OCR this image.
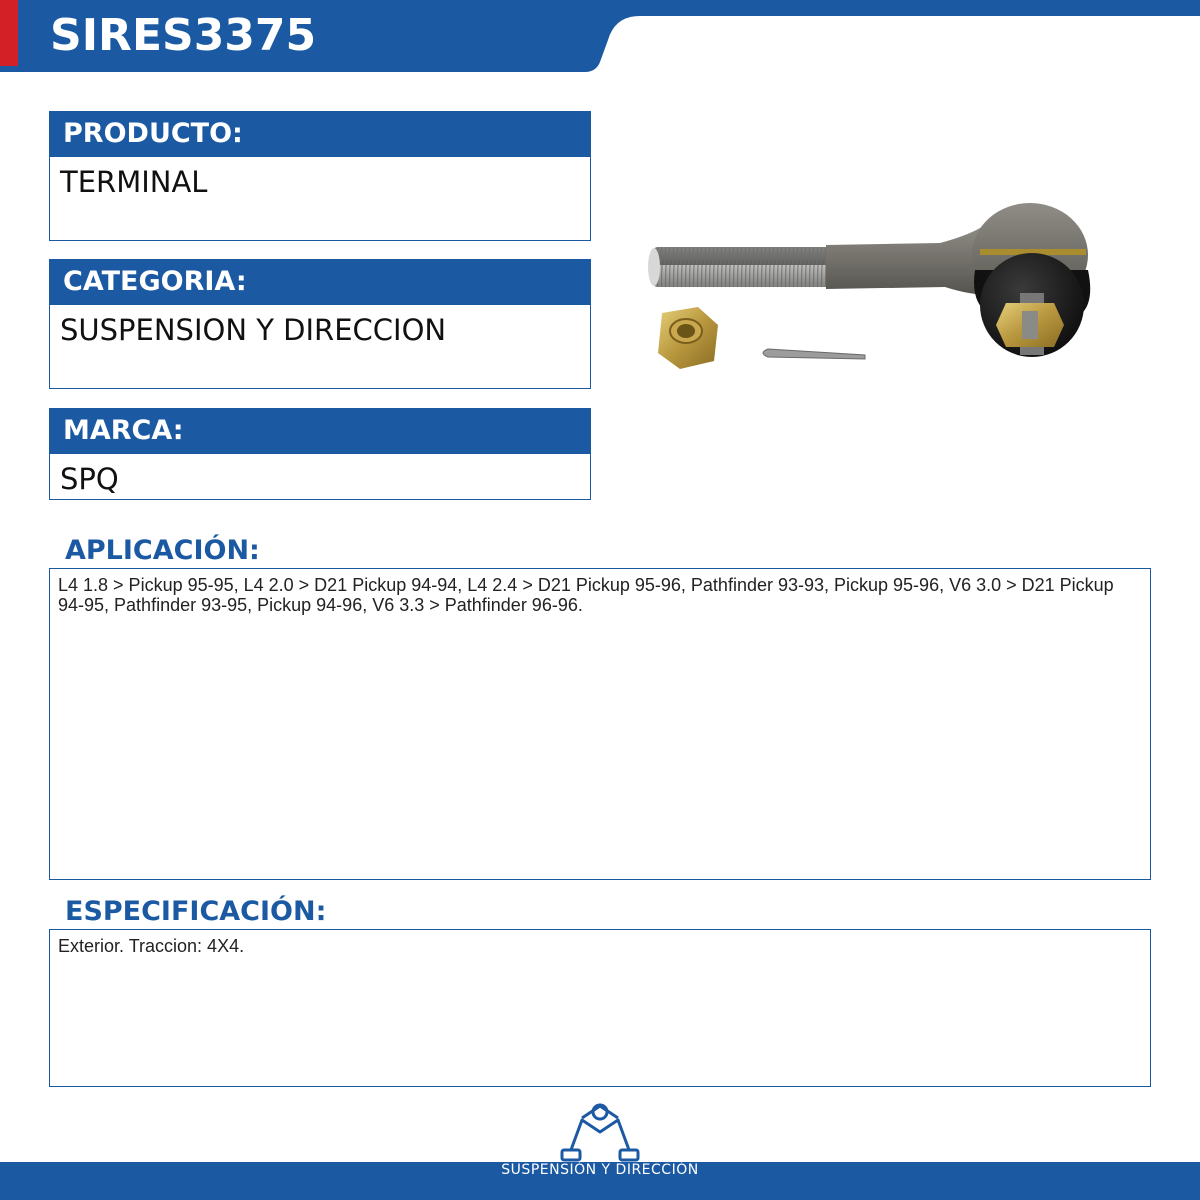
SIRES3375
PRODUCTO:
TERMINAL
CATEGORIA:
SUSPENSION Y DIRECCION
MARCA:
SPQ
APLICACIÓN:
L4 1.8 > Pickup 95-95, L4 2.0 > D21 Pickup 94-94, L4 2.4 > D21 Pickup 95-96, Pathfinder 93-93, Pickup 95-96, V6 3.0 > D21 Pickup 94-95, Pathfinder 93-95, Pickup 94-96, V6 3.3 > Pathfinder 96-96.
ESPECIFICACIÓN:
Exterior. Traccion: 4X4.
SUSPENSIÓN Y DIRECCIÓN
